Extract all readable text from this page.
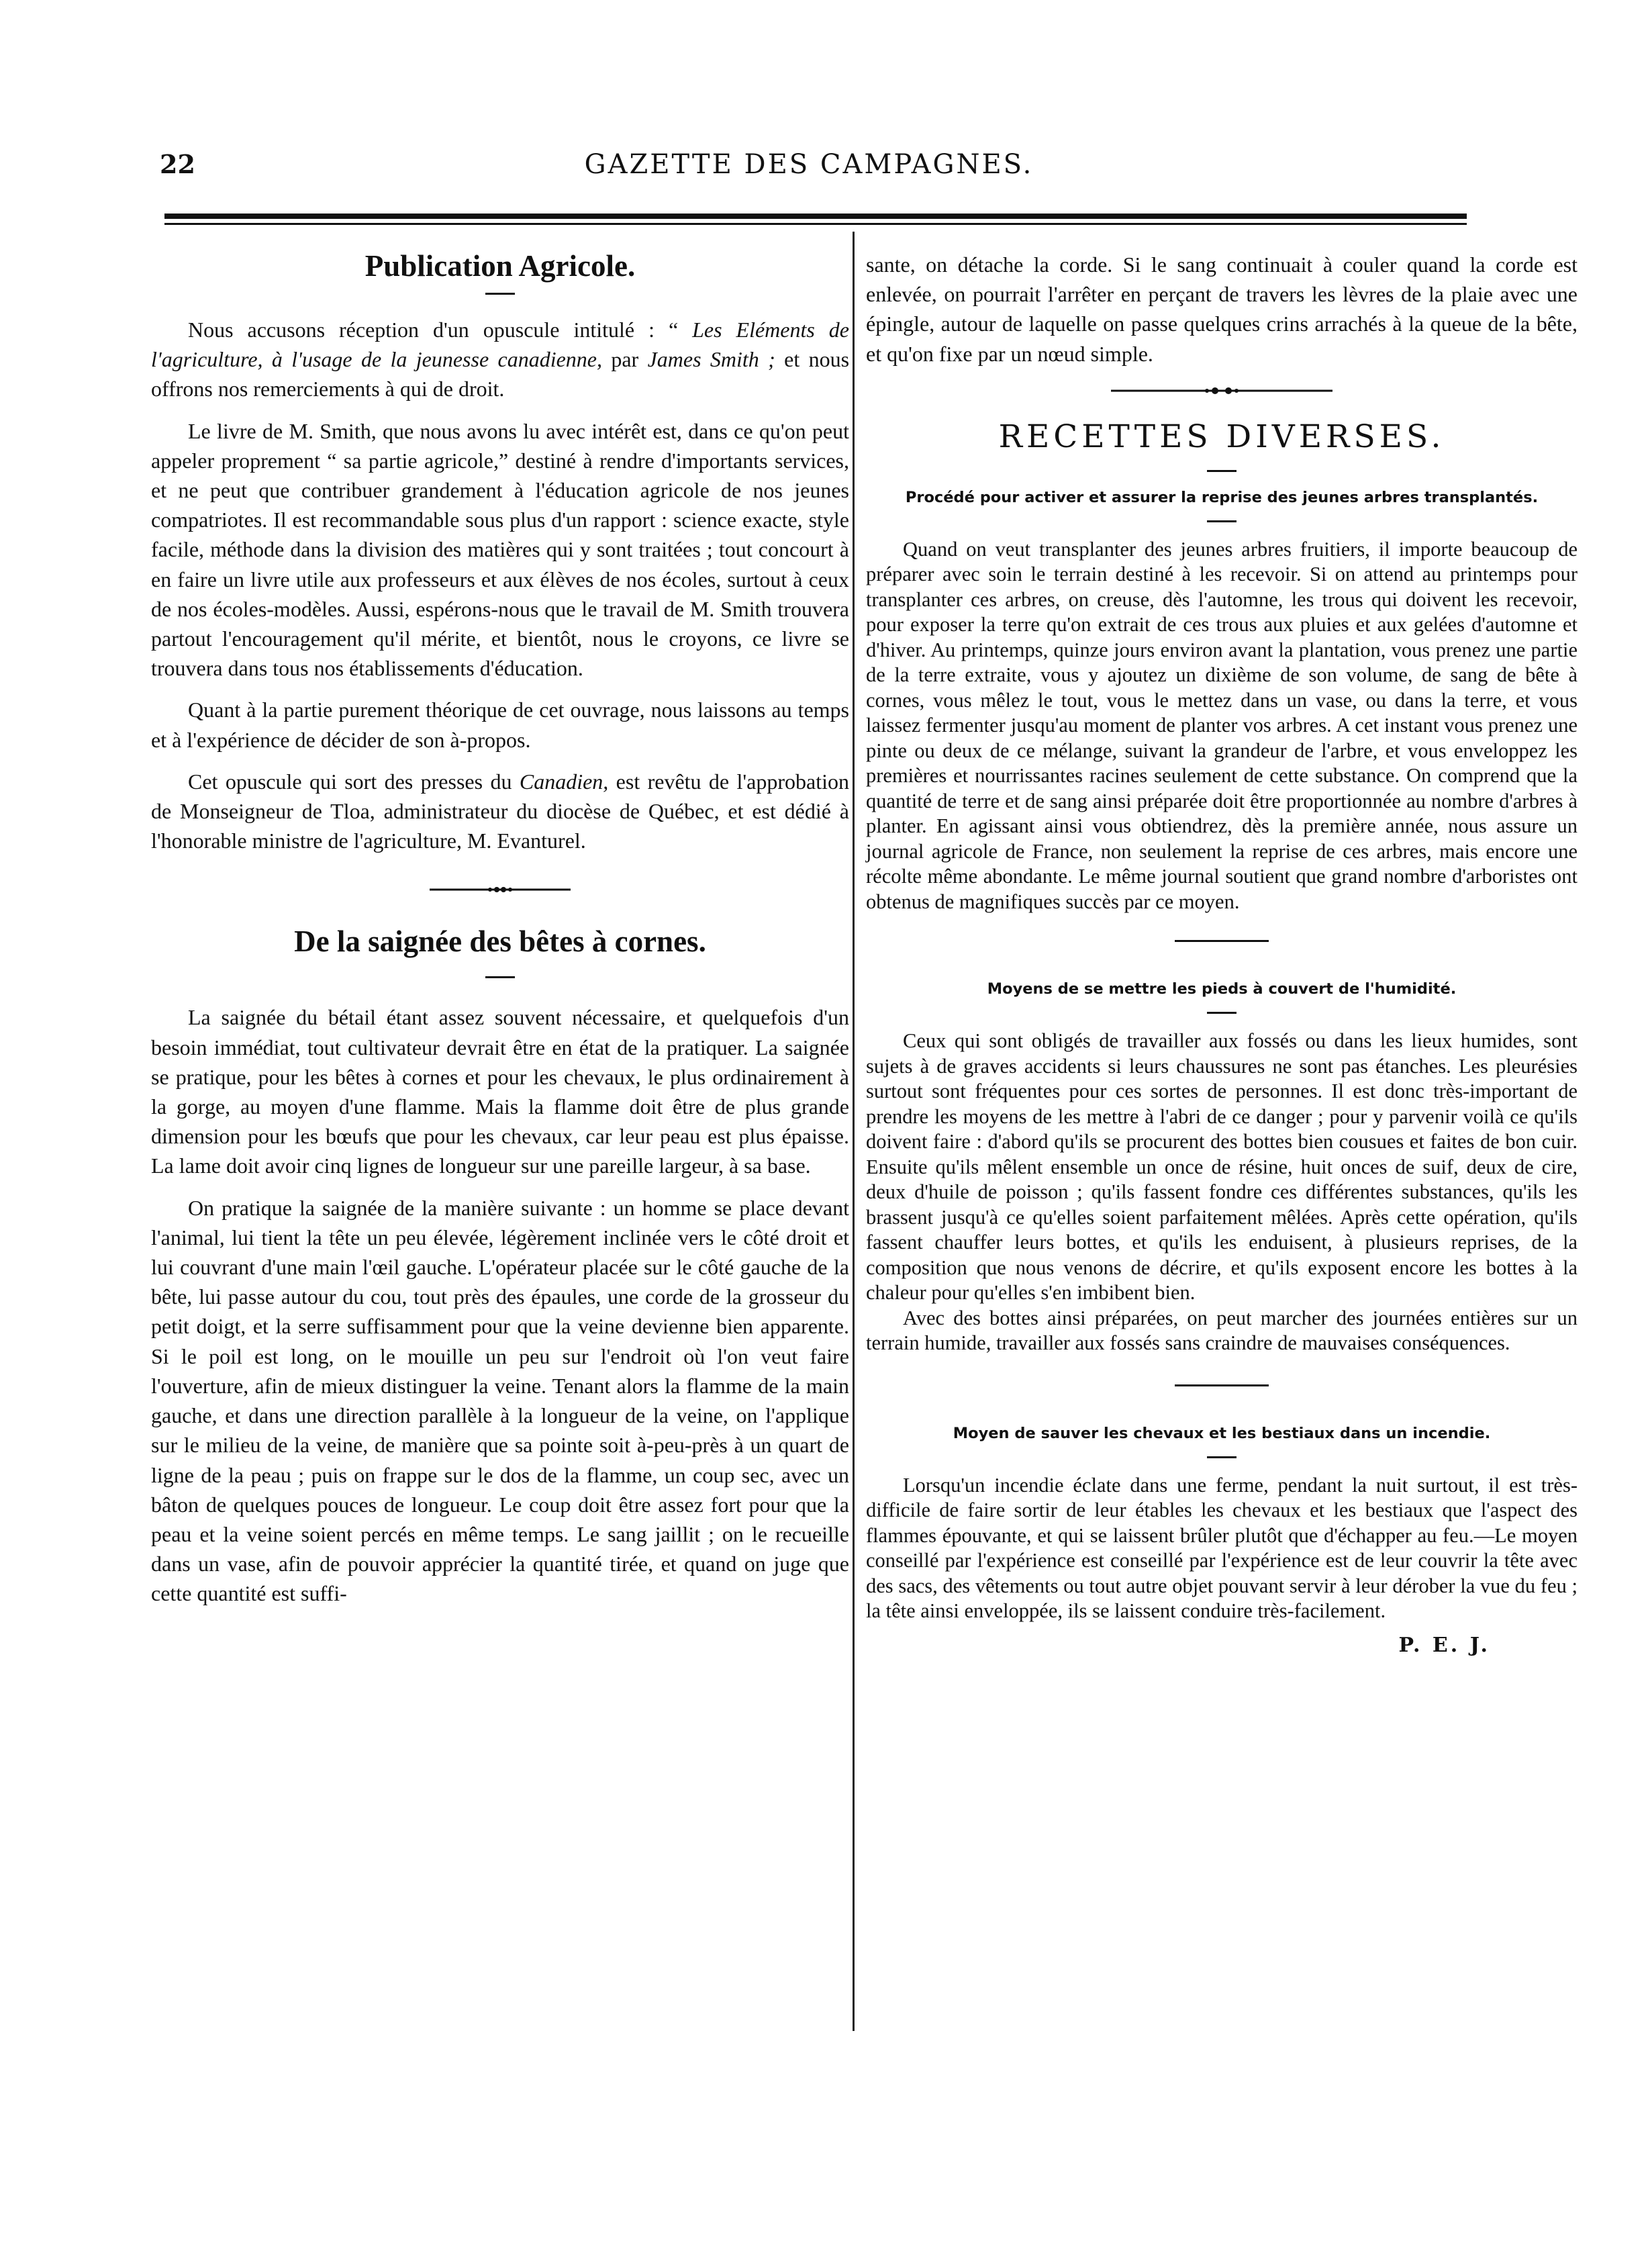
22	GAZETTE DES CAMPAGNES.
Publication Agricole.

Nous accusons réception d'un opuscule intitulé : “ Les Eléments de l'agriculture, à l'usage de la jeunesse canadienne, par James Smith ; et nous offrons nos remerciements à qui de droit.

Le livre de M. Smith, que nous avons lu avec intérêt est, dans ce qu'on peut appeler proprement “ sa partie agricole,” destiné à rendre d'importants services, et ne peut que contribuer grandement à l'éducation agricole de nos jeunes compatriotes. Il est recommandable sous plus d'un rapport : science exacte, style facile, méthode dans la division des matières qui y sont traitées ; tout concourt à en faire un livre utile aux professeurs et aux élèves de nos écoles, surtout à ceux de nos écoles-modèles. Aussi, espérons-nous que le travail de M. Smith trouvera partout l'encouragement qu'il mérite, et bientôt, nous le croyons, ce livre se trouvera dans tous nos établissements d'éducation.

Quant à la partie purement théorique de cet ouvrage, nous laissons au temps et à l'expérience de décider de son à-propos.

Cet opuscule qui sort des presses du Canadien, est revêtu de l'approbation de Monseigneur de Tloa, administrateur du diocèse de Québec, et est dédié à l'honorable ministre de l'agriculture, M. Evanturel.

De la saignée des bêtes à cornes.

La saignée du bétail étant assez souvent nécessaire, et quelquefois d'un besoin immédiat, tout cultivateur devrait être en état de la pratiquer. La saignée se pratique, pour les bêtes à cornes et pour les chevaux, le plus ordinairement à la gorge, au moyen d'une flamme. Mais la flamme doit être de plus grande dimension pour les bœufs que pour les chevaux, car leur peau est plus épaisse. La lame doit avoir cinq lignes de longueur sur une pareille largeur, à sa base.

On pratique la saignée de la manière suivante : un homme se place devant l'animal, lui tient la tête un peu élevée, légèrement inclinée vers le côté droit et lui couvrant d'une main l'œil gauche. L'opérateur placée sur le côté gauche de la bête, lui passe autour du cou, tout près des épaules, une corde de la grosseur du petit doigt, et la serre suffisamment pour que la veine devienne bien apparente. Si le poil est long, on le mouille un peu sur l'endroit où l'on veut faire l'ouverture, afin de mieux distinguer la veine. Tenant alors la flamme de la main gauche, et dans une direction parallèle à la longueur de la veine, on l'applique sur le milieu de la veine, de manière que sa pointe soit à-peu-près à un quart de ligne de la peau ; puis on frappe sur le dos de la flamme, un coup sec, avec un bâton de quelques pouces de longueur. Le coup doit être assez fort pour que la peau et la veine soient percés en même temps. Le sang jaillit ; on le recueille dans un vase, afin de pouvoir apprécier la quantité tirée, et quand on juge que cette quantité est suffi-

sante, on détache la corde. Si le sang continuait à couler quand la corde est enlevée, on pourrait l'arrêter en perçant de travers les lèvres de la plaie avec une épingle, autour de laquelle on passe quelques crins arrachés à la queue de la bête, et qu'on fixe par un nœud simple.

RECETTES DIVERSES.
Procédé pour activer et assurer la reprise des jeunes arbres transplantés.

Quand on veut transplanter des jeunes arbres fruitiers, il importe beaucoup de préparer avec soin le terrain destiné à les recevoir. Si on attend au printemps pour transplanter ces arbres, on creuse, dès l'automne, les trous qui doivent les recevoir, pour exposer la terre qu'on extrait de ces trous aux pluies et aux gelées d'automne et d'hiver. Au printemps, quinze jours environ avant la plantation, vous prenez une partie de la terre extraite, vous y ajoutez un dixième de son volume, de sang de bête à cornes, vous mêlez le tout, vous le mettez dans un vase, ou dans la terre, et vous laissez fermenter jusqu'au moment de planter vos arbres. A cet instant vous prenez une pinte ou deux de ce mélange, suivant la grandeur de l'arbre, et vous enveloppez les premières et nourrissantes racines seulement de cette substance. On comprend que la quantité de terre et de sang ainsi préparée doit être proportionnée au nombre d'arbres à planter. En agissant ainsi vous obtiendrez, dès la première année, nous assure un journal agricole de France, non seulement la reprise de ces arbres, mais encore une récolte même abondante. Le même journal soutient que grand nombre d'arboristes ont obtenus de magnifiques succès par ce moyen.

Moyens de se mettre les pieds à couvert de l'humidité.

Ceux qui sont obligés de travailler aux fossés ou dans les lieux humides, sont sujets à de graves accidents si leurs chaussures ne sont pas étanches. Les pleurésies surtout sont fréquentes pour ces sortes de personnes. Il est donc très-important de prendre les moyens de les mettre à l'abri de ce danger ; pour y parvenir voilà ce qu'ils doivent faire : d'abord qu'ils se procurent des bottes bien cousues et faites de bon cuir. Ensuite qu'ils mêlent ensemble un once de résine, huit onces de suif, deux de cire, deux d'huile de poisson ; qu'ils fassent fondre ces différentes substances, qu'ils les brassent jusqu'à ce qu'elles soient parfaitement mêlées. Après cette opération, qu'ils fassent chauffer leurs bottes, et qu'ils les enduisent, à plusieurs reprises, de la composition que nous venons de décrire, et qu'ils exposent encore les bottes à la chaleur pour qu'elles s'en imbibent bien.

Avec des bottes ainsi préparées, on peut marcher des journées entières sur un terrain humide, travailler aux fossés sans craindre de mauvaises conséquences.

Moyen de sauver les chevaux et les bestiaux dans un incendie.

Lorsqu'un incendie éclate dans une ferme, pendant la nuit surtout, il est très-difficile de faire sortir de leur étables les chevaux et les bestiaux que l'aspect des flammes épouvante, et qui se laissent brûler plutôt que d'échapper au feu.—Le moyen conseillé par l'expérience est conseillé par l'expérience est de leur couvrir la tête avec des sacs, des vêtements ou tout autre objet pouvant servir à leur dérober la vue du feu ; la tête ainsi enveloppée, ils se laissent conduire très-facilement.

P. E. J.
